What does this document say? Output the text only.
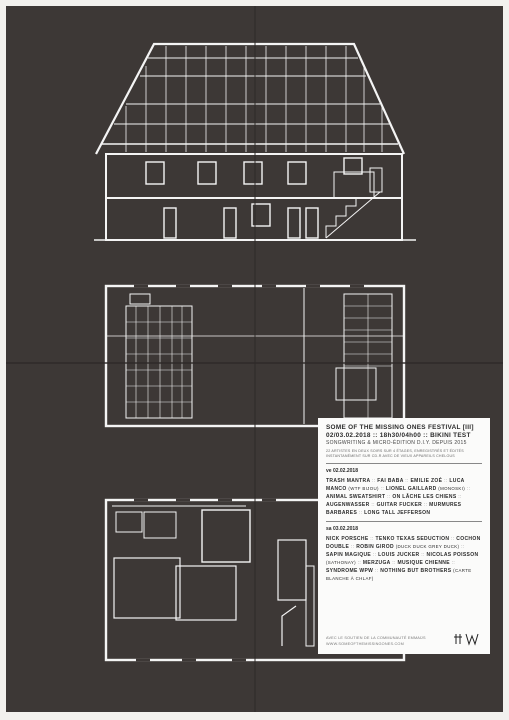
SOME OF THE MISSING ONES FESTIVAL [III]
02/03.02.2018 :: 18h30/04h00 :: BIKINI TEST
SONGWRITING & MICRO-ÉDITION D.I.Y. DEPUIS 2015
22 ARTISTES EN DEUX SOIRS SUR 4 ÉTAGES, ENREGISTRÉS ET ÉDITÉS
INSTANTANÉMENT SUR CD-R AVEC DE VIEUX APPAREILS CHELOUS
ve 02.02.2018
TRASH MANTRA :: FAI BABA :: EMILIE ZOÉ :: LUCA MANCO (WTF BIJOU) :: LIONEL GAILLARD (MONOSKI) :: ANIMAL SWEATSHIRT :: ON LÂCHE LES CHIENS :: AUGENWASSER :: GUITAR FUCKER :: MURMURES BARBARES :: LONG TALL JEFFERSON
sa 03.02.2018
NICK PORSCHE :: TENKO TEXAS SEDUCTION :: COCHON DOUBLE :: ROBIN GIROD (DUCK DUCK GREY DUCK) :: SAPIN MAGIQUE :: LOUIS JUCKER :: NICOLAS POISSON (SATHONAY) :: MERZUGA :: MUSIQUE CHIENNE :: SYNDROME WPW :: NOTHING BUT BROTHERS (CARTE BLANCHE À CHLAF)
AVEC LE SOUTIEN DE LA COMMUNAUTÉ EMMAÜS
WWW.SOMEOFTHEMISSINGONES.COM
